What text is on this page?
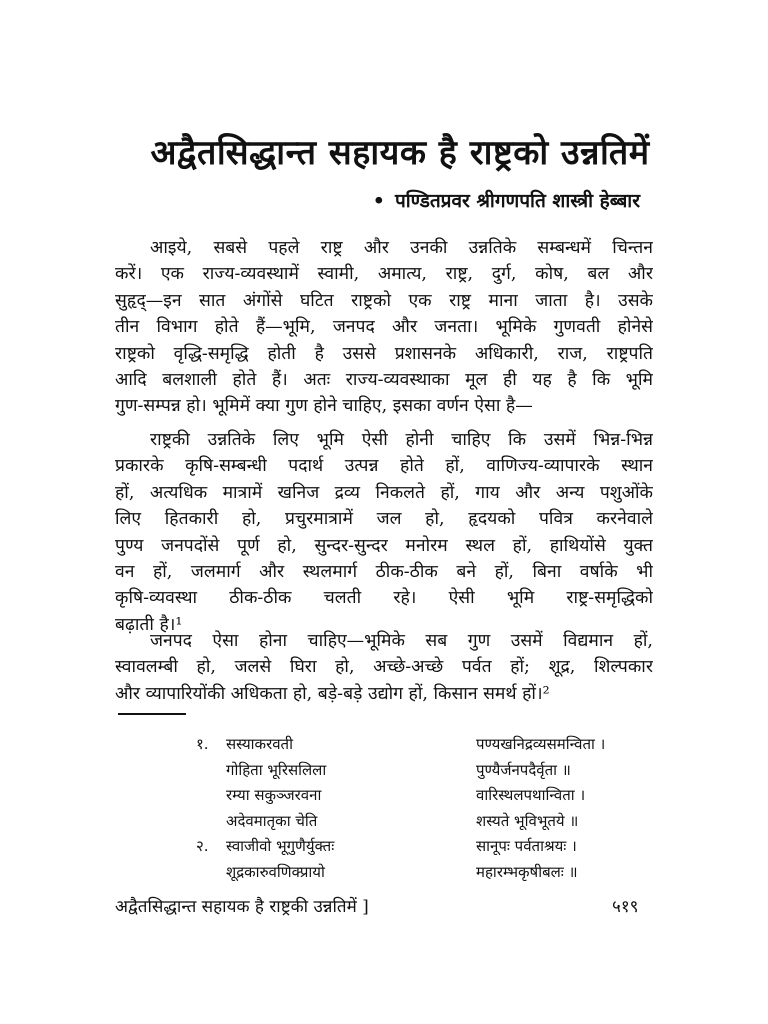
अद्वैतसिद्धान्त सहायक है राष्ट्रको उन्नतिमें
• पण्डितप्रवर श्रीगणपति शास्त्री हेब्बार
आइये, सबसे पहले राष्ट्र और उनकी उन्नतिके सम्बन्धमें चिन्तन
करें। एक राज्य-व्यवस्थामें स्वामी, अमात्य, राष्ट्र, दुर्ग, कोष, बल और
सुहृद्—इन सात अंगोंसे घटित राष्ट्रको एक राष्ट्र माना जाता है। उसके
तीन विभाग होते हैं—भूमि, जनपद और जनता। भूमिके गुणवती होनेसे
राष्ट्रको वृद्धि-समृद्धि होती है उससे प्रशासनके अधिकारी, राज, राष्ट्रपति
आदि बलशाली होते हैं। अतः राज्य-व्यवस्थाका मूल ही यह है कि भूमि
गुण-सम्पन्न हो। भूमिमें क्या गुण होने चाहिए, इसका वर्णन ऐसा है—
राष्ट्रकी उन्नतिके लिए भूमि ऐसी होनी चाहिए कि उसमें भिन्न-भिन्न
प्रकारके कृषि-सम्बन्धी पदार्थ उत्पन्न होते हों, वाणिज्य-व्यापारके स्थान
हों, अत्यधिक मात्रामें खनिज द्रव्य निकलते हों, गाय और अन्य पशुओंके
लिए हितकारी हो, प्रचुरमात्रामें जल हो, हृदयको पवित्र करनेवाले
पुण्य जनपदोंसे पूर्ण हो, सुन्दर-सुन्दर मनोरम स्थल हों, हाथियोंसे युक्त
वन हों, जलमार्ग और स्थलमार्ग ठीक-ठीक बने हों, बिना वर्षाके भी
कृषि-व्यवस्था ठीक-ठीक चलती रहे। ऐसी भूमि राष्ट्र-समृद्धिको
बढ़ाती है।¹
जनपद ऐसा होना चाहिए—भूमिके सब गुण उसमें विद्यमान हों,
स्वावलम्बी हो, जलसे घिरा हो, अच्छे-अच्छे पर्वत हों; शूद्र, शिल्पकार
और व्यापारियोंकी अधिकता हो, बड़े-बड़े उद्योग हों, किसान समर्थ हों।²
१. सस्याकरवती	पण्यखनिद्रव्यसमन्विता ।
गोहिता भूरिसलिला	पुण्यैर्जनपदैर्वृता ॥
रम्या सकुञ्जरवना	वारिस्थलपथान्विता ।
अदेवमातृका चेति	शस्यते भूविभूतये ॥
२. स्वाजीवो भूगुणैर्युक्तः	सानूपः पर्वताश्रयः ।
शूद्रकारुवणिक्प्रायो	महारम्भकृषीबलः ॥
अद्वैतसिद्धान्त सहायक है राष्ट्रकी उन्नतिमें ]	५१९
